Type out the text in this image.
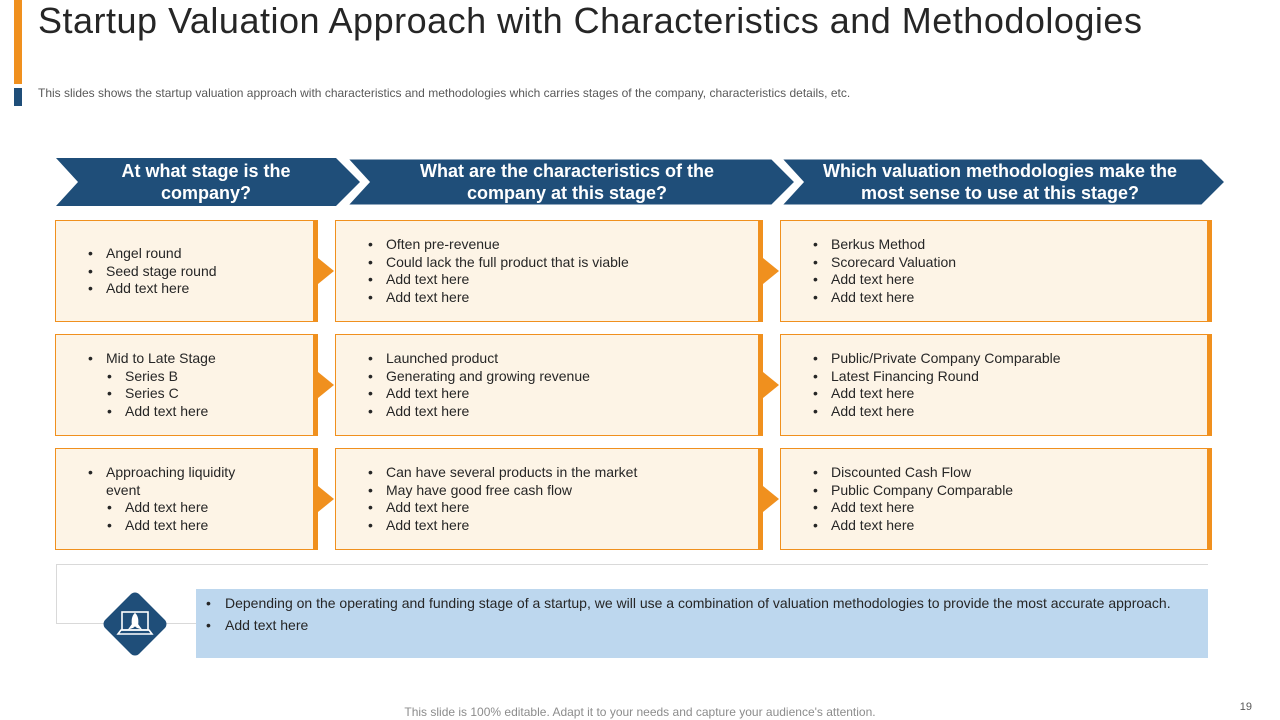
Startup Valuation Approach with Characteristics and Methodologies
This slides shows the startup valuation approach with characteristics and methodologies which carries stages of the company, characteristics details, etc.
At what stage is the company?
What are the characteristics of the company at this stage?
Which valuation methodologies make the most sense to use at this stage?
• Angel round
• Seed stage round
• Add text here
• Often pre-revenue
• Could lack the full product that is viable
• Add text here
• Add text here
• Berkus Method
• Scorecard Valuation
• Add text here
• Add text here
• Mid to Late Stage
• Series B
• Series C
• Add text here
• Launched product
• Generating and growing revenue
• Add text here
• Add text here
• Public/Private Company Comparable
• Latest Financing Round
• Add text here
• Add text here
• Approaching liquidity event
• Add text here
• Add text here
• Can have several products in the market
• May have good free cash flow
• Add text here
• Add text here
• Discounted Cash Flow
• Public Company Comparable
• Add text here
• Add text here
• Depending on the operating and funding stage of a startup, we will use a combination of valuation methodologies to provide the most accurate approach.
• Add text here
This slide is 100% editable. Adapt it to your needs and capture your audience's attention.	19
